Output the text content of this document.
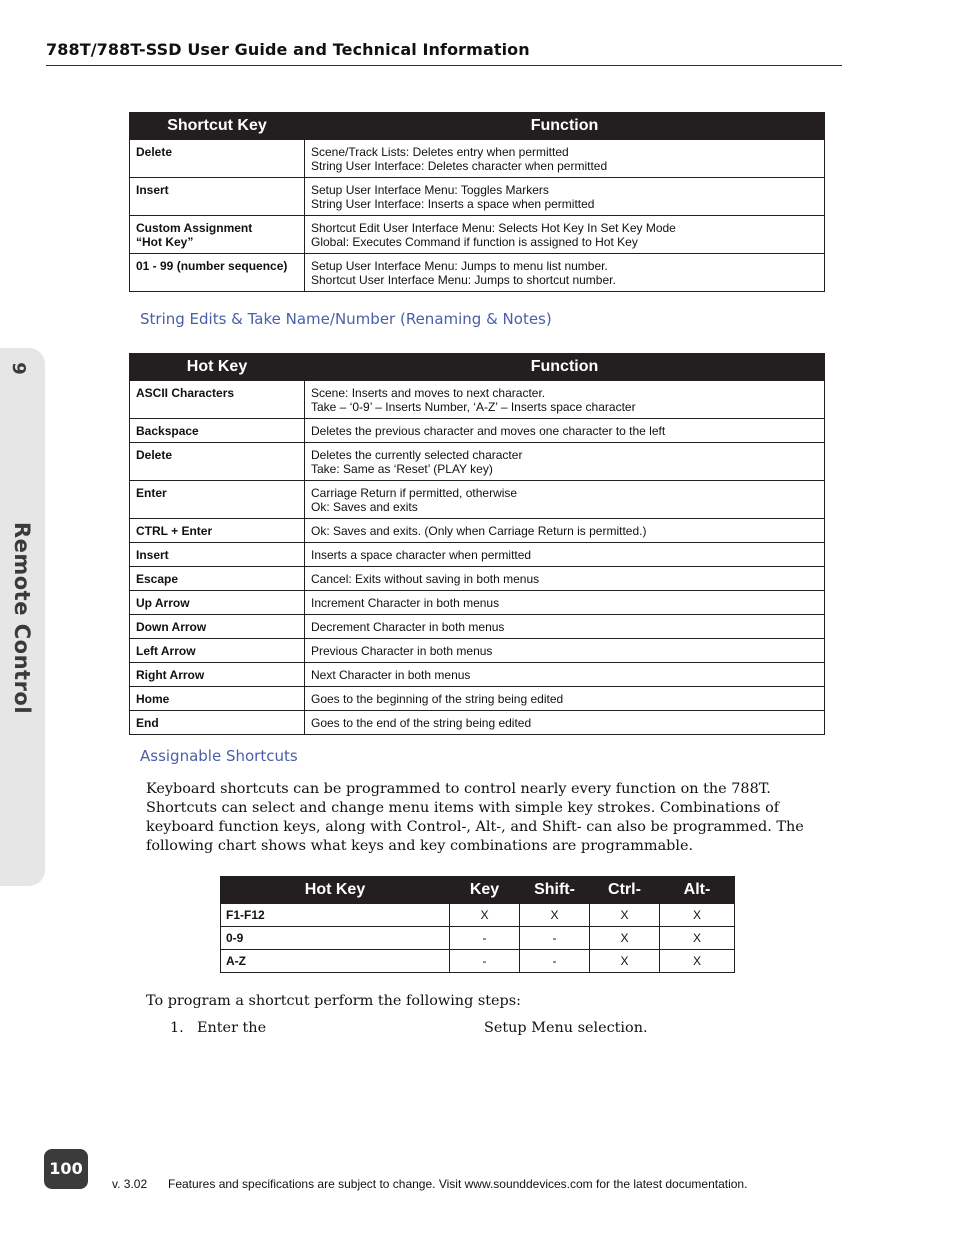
788T/788T-SSD User Guide and Technical Information
9
Remote Control
Shortcut Key	Function

Delete	Scene/Track Lists: Deletes entry when permitted
String User Interface: Deletes character when permitted

Insert	Setup User Interface Menu: Toggles Markers
String User Interface: Inserts a space when permitted

Custom Assignment
“Hot Key”	Shortcut Edit User Interface Menu: Selects Hot Key In Set Key Mode
Global: Executes Command if function is assigned to Hot Key

01 - 99 (number sequence)	Setup User Interface Menu: Jumps to menu list number.
Shortcut User Interface Menu: Jumps to shortcut number.
String Edits & Take Name/Number (Renaming & Notes)
Hot Key	Function

ASCII Characters	Scene: Inserts and moves to next character.
Take – ‘0-9’ – Inserts Number, ‘A-Z’ – Inserts space character

Backspace	Deletes the previous character and moves one character to the left

Delete	Deletes the currently selected character
Take: Same as ‘Reset’ (PLAY key)

Enter	Carriage Return if permitted, otherwise
Ok: Saves and exits

CTRL + Enter	Ok: Saves and exits. (Only when Carriage Return is permitted.)

Insert	Inserts a space character when permitted

Escape	Cancel: Exits without saving in both menus

Up Arrow	Increment Character in both menus

Down Arrow	Decrement Character in both menus

Left Arrow	Previous Character in both menus

Right Arrow	Next Character in both menus

Home	Goes to the beginning of the string being edited

End	Goes to the end of the string being edited
Assignable Shortcuts
Keyboard shortcuts can be programmed to control nearly every function on the 788T. Shortcuts can select and change menu items with simple key strokes. Combinations of keyboard function keys, along with Control-, Alt-, and Shift- can also be programmed. The following chart shows what keys and key combinations are programmable.
Hot Key	Key	Shift-	Ctrl-	Alt-
F1-F12	X	X	X	X
0-9	-	-	X	X
A-Z	-	-	X	X
To program a shortcut perform the following steps:
1. Enter the	Setup Menu selection.
100
v. 3.02 Features and specifications are subject to change. Visit www.sounddevices.com for the latest documentation.
